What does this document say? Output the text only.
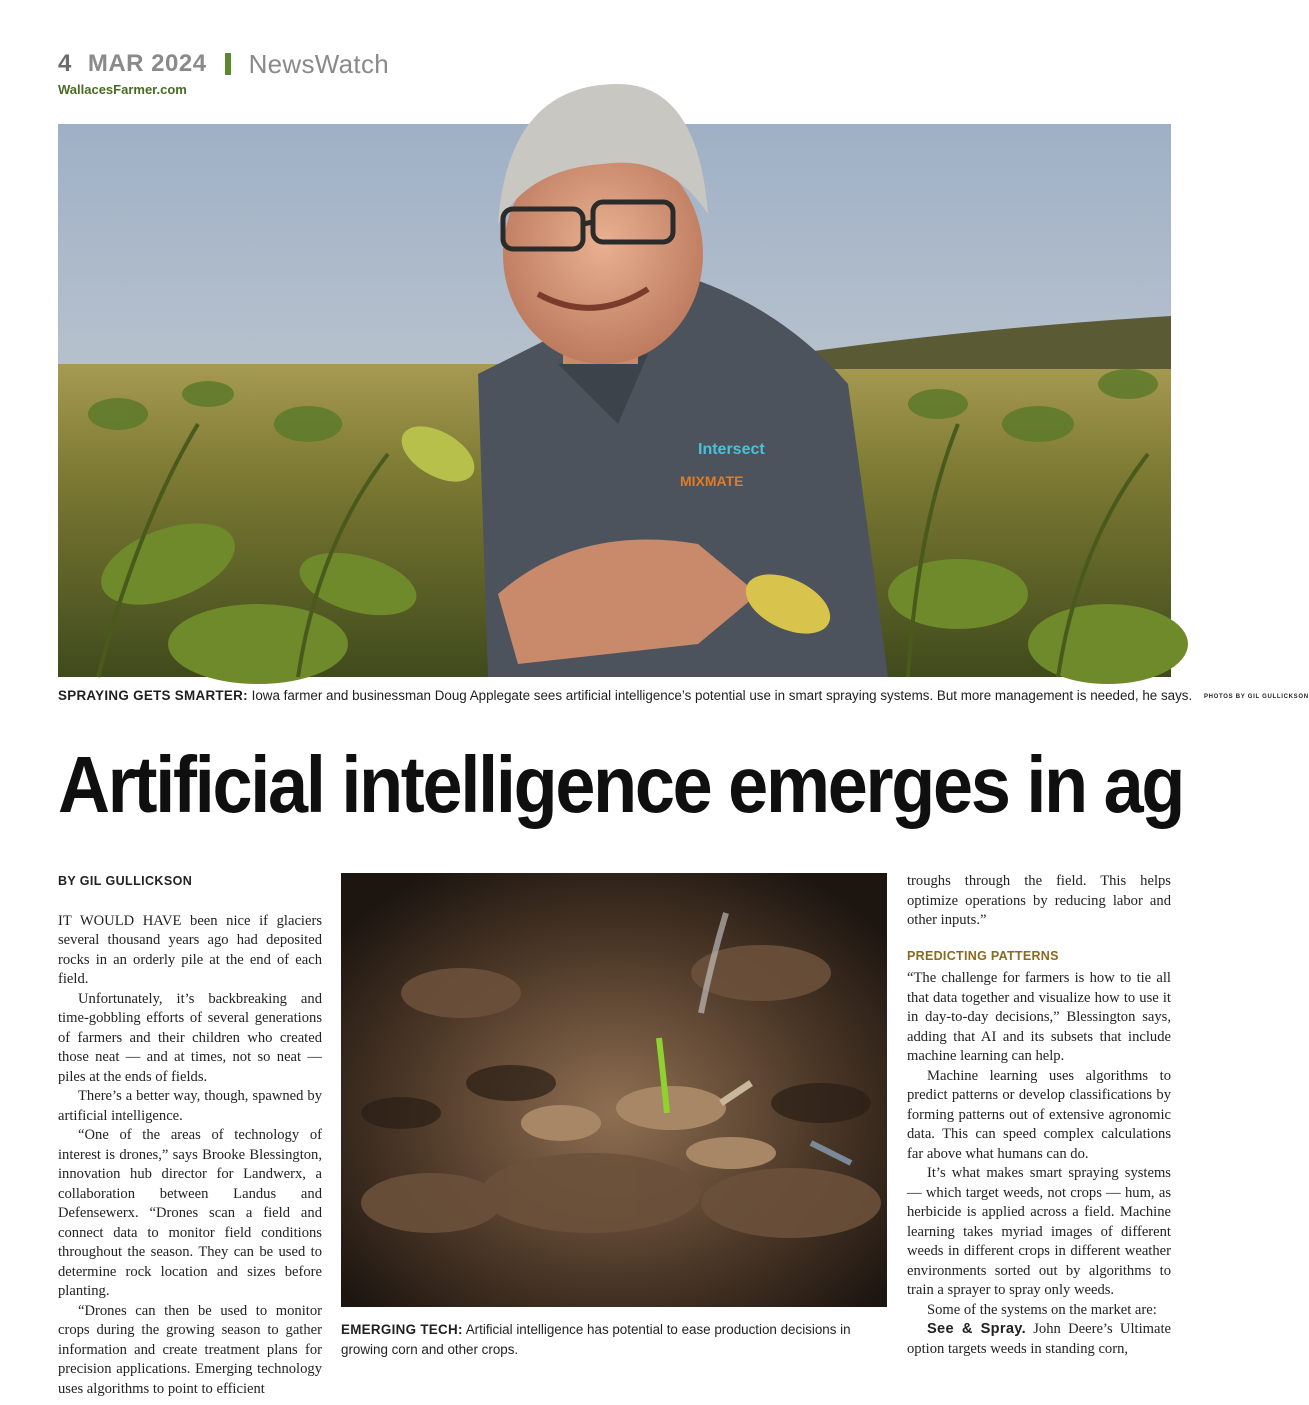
4 MAR 2024 NewsWatch
WallacesFarmer.com
Intersect
MIXMATE
SPRAYING GETS SMARTER: Iowa farmer and businessman Doug Applegate sees artificial intelligence’s potential use in smart spraying systems. But more management is needed, he says. PHOTOS BY GIL GULLICKSON
Artificial intelligence emerges in ag
BY GIL GULLICKSON

IT WOULD HAVE been nice if glaciers several thousand years ago had deposited rocks in an orderly pile at the end of each field.

Unfortunately, it’s backbreaking and time-gobbling efforts of several generations of farmers and their children who created those neat — and at times, not so neat — piles at the ends of fields.

There’s a better way, though, spawned by artificial intelligence.

“One of the areas of technology of interest is drones,” says Brooke Blessington, innovation hub director for Landwerx, a collaboration between Landus and Defensewerx. “Drones scan a field and connect data to monitor field conditions throughout the season. They can be used to determine rock location and sizes before planting.

“Drones can then be used to monitor crops during the growing season to gather information and create treatment plans for precision applications. Emerging technology uses algorithms to point to efficient

EMERGING TECH: Artificial intelligence has potential to ease production decisions in growing corn and other crops.

troughs through the field. This helps optimize operations by reducing labor and other inputs.”

PREDICTING PATTERNS

“The challenge for farmers is how to tie all that data together and visualize how to use it in day-to-day decisions,” Blessington says, adding that AI and its subsets that include machine learning can help.

Machine learning uses algorithms to predict patterns or develop classifications by forming patterns out of extensive agronomic data. This can speed complex calculations far above what humans can do.

It’s what makes smart spraying systems — which target weeds, not crops — hum, as herbicide is applied across a field. Machine learning takes myriad images of different weeds in different crops in different weather environments sorted out by algorithms to train a sprayer to spray only weeds.

Some of the systems on the market are:

See & Spray. John Deere’s Ultimate option targets weeds in standing corn,
